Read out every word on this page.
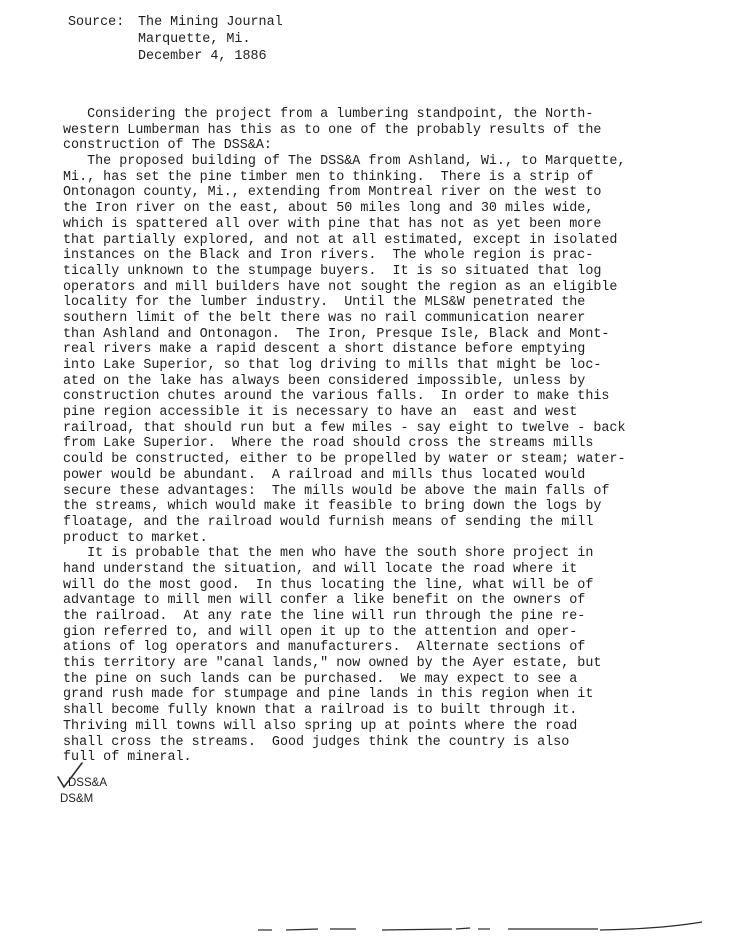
Source:	The Mining Journal
Marquette, Mi.
December 4, 1886
Considering the project from a lumbering standpoint, the North-
western Lumberman has this as to one of the probably results of the
construction of The DSS&A:
The proposed building of The DSS&A from Ashland, Wi., to Marquette,
Mi., has set the pine timber men to thinking.  There is a strip of
Ontonagon county, Mi., extending from Montreal river on the west to
the Iron river on the east, about 50 miles long and 30 miles wide,
which is spattered all over with pine that has not as yet been more
that partially explored, and not at all estimated, except in isolated
instances on the Black and Iron rivers.  The whole region is prac-
tically unknown to the stumpage buyers.  It is so situated that log
operators and mill builders have not sought the region as an eligible
locality for the lumber industry.  Until the MLS&W penetrated the
southern limit of the belt there was no rail communication nearer
than Ashland and Ontonagon.  The Iron, Presque Isle, Black and Mont-
real rivers make a rapid descent a short distance before emptying
into Lake Superior, so that log driving to mills that might be loc-
ated on the lake has always been considered impossible, unless by
construction chutes around the various falls.  In order to make this
pine region accessible it is necessary to have an  east and west
railroad, that should run but a few miles - say eight to twelve - back
from Lake Superior.  Where the road should cross the streams mills
could be constructed, either to be propelled by water or steam; water-
power would be abundant.  A railroad and mills thus located would
secure these advantages:  The mills would be above the main falls of
the streams, which would make it feasible to bring down the logs by
floatage, and the railroad would furnish means of sending the mill
product to market.
It is probable that the men who have the south shore project in
hand understand the situation, and will locate the road where it
will do the most good.  In thus locating the line, what will be of
advantage to mill men will confer a like benefit on the owners of
the railroad.  At any rate the line will run through the pine re-
gion referred to, and will open it up to the attention and oper-
ations of log operators and manufacturers.  Alternate sections of
this territory are "canal lands," now owned by the Ayer estate, but
the pine on such lands can be purchased.  We may expect to see a
grand rush made for stumpage and pine lands in this region when it
shall become fully known that a railroad is to built through it.
Thriving mill towns will also spring up at points where the road
shall cross the streams.  Good judges think the country is also
full of mineral.
DSS&A
DS&M
